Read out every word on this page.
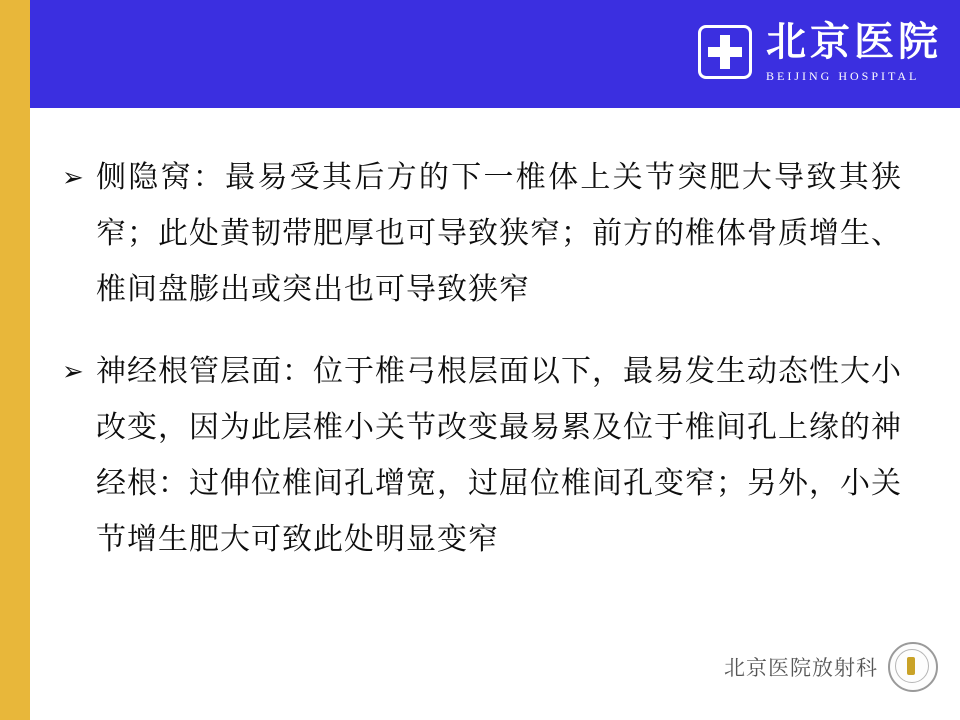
北京医院
BEIJING HOSPITAL
➢ 侧隐窝：最易受其后方的下一椎体上关节突肥大导致其狭窄；此处黄韧带肥厚也可导致狭窄；前方的椎体骨质增生、椎间盘膨出或突出也可导致狭窄
➢ 神经根管层面：位于椎弓根层面以下，最易发生动态性大小改变，因为此层椎小关节改变最易累及位于椎间孔上缘的神经根：过伸位椎间孔增宽，过屈位椎间孔变窄；另外，小关节增生肥大可致此处明显变窄
北京医院放射科
